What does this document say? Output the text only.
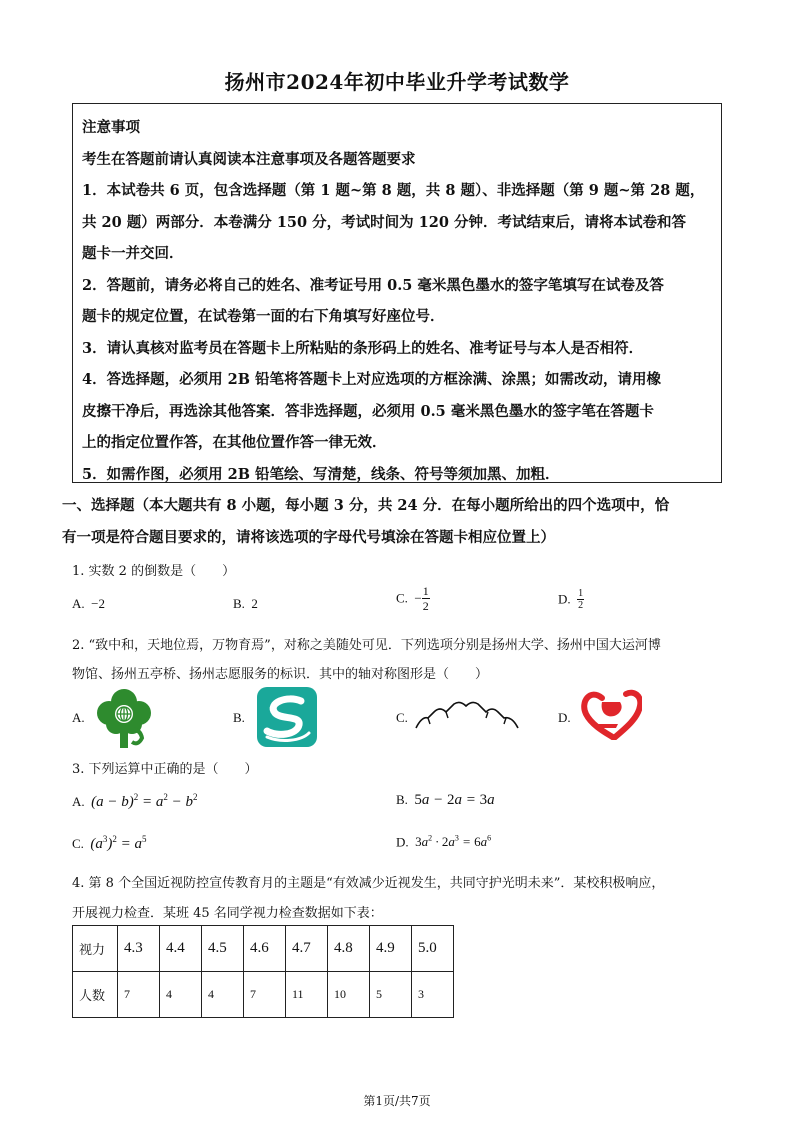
扬州市2024年初中毕业升学考试数学
注意事项
考生在答题前请认真阅读本注意事项及各题答题要求
1．本试卷共 6 页，包含选择题（第 1 题~第 8 题，共 8 题）、非选择题（第 9 题~第 28 题，
共 20 题）两部分．本卷满分 150 分，考试时间为 120 分钟．考试结束后，请将本试卷和答
题卡一并交回．
2．答题前，请务必将自己的姓名、准考证号用 0.5 毫米黑色墨水的签字笔填写在试卷及答
题卡的规定位置，在试卷第一面的右下角填写好座位号．
3．请认真核对监考员在答题卡上所粘贴的条形码上的姓名、准考证号与本人是否相符．
4．答选择题，必须用 2B 铅笔将答题卡上对应选项的方框涂满、涂黑；如需改动，请用橡
皮擦干净后，再选涂其他答案．答非选择题，必须用 0.5 毫米黑色墨水的签字笔在答题卡
上的指定位置作答，在其他位置作答一律无效．
5．如需作图，必须用 2B 铅笔绘、写清楚，线条、符号等须加黑、加粗．
一、选择题（本大题共有 8 小题，每小题 3 分，共 24 分．在每小题所给出的四个选项中，恰
有一项是符合题目要求的，请将该选项的字母代号填涂在答题卡相应位置上）
1. 实数 2 的倒数是（　　）
A. −2	B. 2	C. − $\frac{1}{2}$	D. $\frac{1}{2}$
2. “致中和，天地位焉，万物育焉”，对称之美随处可见．下列选项分别是扬州大学、扬州中国大运河博
物馆、扬州五亭桥、扬州志愿服务的标识．其中的轴对称图形是（　　）
A.	B.	C.	D.
3. 下列运算中正确的是（　　）
A. $(a - b)^2 = a^2 - b^2$	B. 5a − 2a = 3a
C. $(a^3)^2 = a^5$	D. $3a^2 \cdot 2a^3 = 6a^6$
4. 第 8 个全国近视防控宣传教育月的主题是“有效减少近视发生，共同守护光明未来”．某校积极响应，
开展视力检查．某班 45 名同学视力检查数据如下表：
视力	4.3	4.4	4.5	4.6	4.7	4.8	4.9	5.0
人数	7	4	4	7	11	10	5	3
第1页/共7页
